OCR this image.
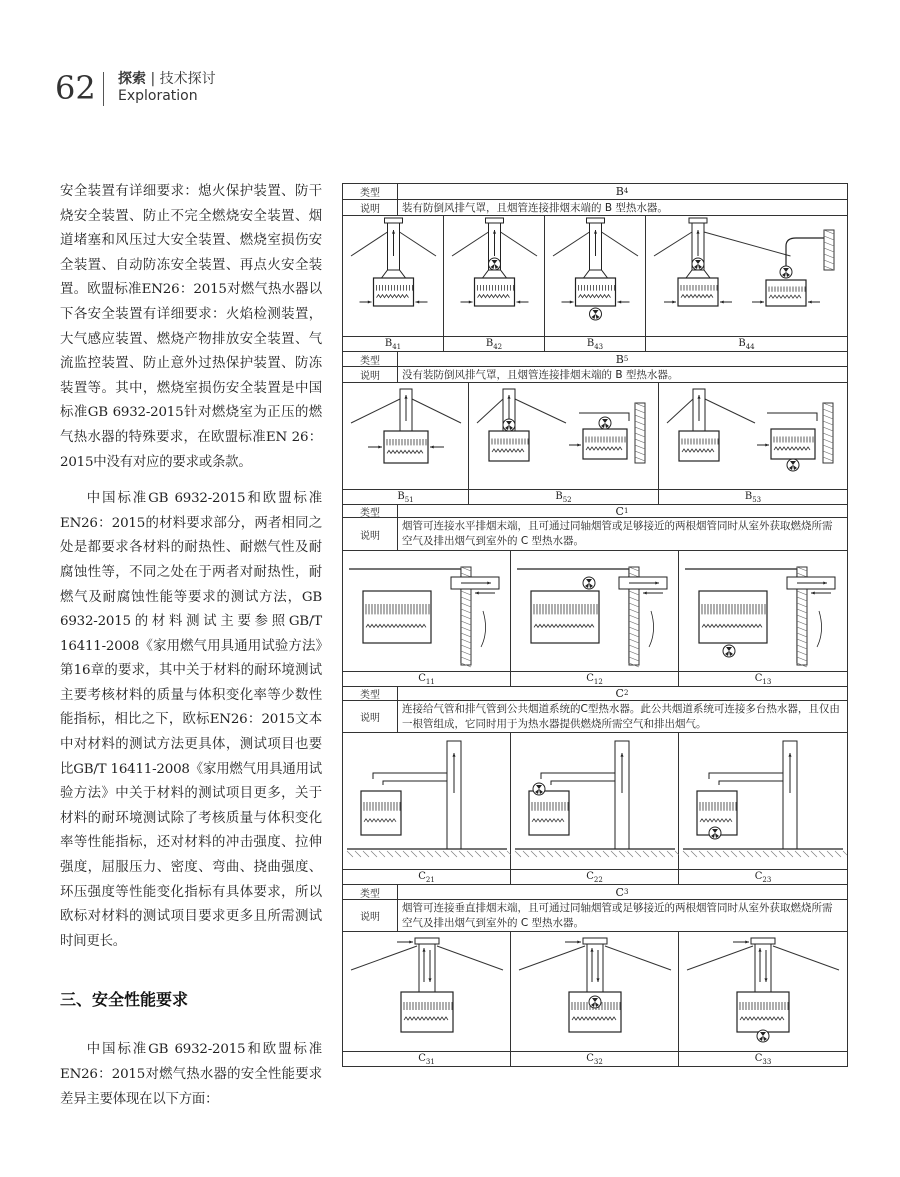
62 探索 | 技术探讨
Exploration

安全装置有详细要求：熄火保护装置、防干烧安全装置、防止不完全燃烧安全装置、烟道堵塞和风压过大安全装置、燃烧室损伤安全装置、自动防冻安全装置、再点火安全装置。欧盟标准EN26：2015对燃气热水器以下各安全装置有详细要求：火焰检测装置，大气感应装置、燃烧产物排放安全装置、气流监控装置、防止意外过热保护装置、防冻装置等。其中，燃烧室损伤安全装置是中国标准GB 6932-2015针对燃烧室为正压的燃气热水器的特殊要求，在欧盟标准EN 26：2015中没有对应的要求或条款。

中国标准GB 6932-2015和欧盟标准EN26：2015的材料要求部分，两者相同之处是都要求各材料的耐热性、耐燃气性及耐腐蚀性等，不同之处在于两者对耐热性，耐燃气及耐腐蚀性能等要求的测试方法，GB 6932-2015的材料测试主要参照GB/T 16411-2008《家用燃气用具通用试验方法》第16章的要求，其中关于材料的耐环境测试主要考核材料的质量与体积变化率等少数性能指标，相比之下，欧标EN26：2015文本中对材料的测试方法更具体，测试项目也要比GB/T 16411-2008《家用燃气用具通用试验方法》中关于材料的测试项目更多，关于材料的耐环境测试除了考核质量与体积变化率等性能指标，还对材料的冲击强度、拉伸强度，屈服压力、密度、弯曲、挠曲强度、环压强度等性能变化指标有具体要求，所以欧标对材料的测试项目要求更多且所需测试时间更长。

三、安全性能要求

中国标准GB 6932-2015和欧盟标准EN26：2015对燃气热水器的安全性能要求差异主要体现在以下方面：

类型	B 4
说明	装有防倒风排气罩，且烟管连接排烟末端的 B 型热水器。
$B_{41}$	$B_{42}$	$B_{43}$	$B_{44}$
类型	B 5
说明	没有装防倒风排气罩，且烟管连接排烟末端的 B 型热水器。
$B_{51}$	$B_{52}$	$B_{53}$
类型	C 1
说明
烟管可连接水平排烟末端，且可通过同轴烟管或足够接近的两根烟管同时从室外获取燃烧所需空气及排出烟气到室外的 C 型热水器。
$C_{11}$	$C_{12}$	$C_{13}$
类型	C 2
说明
连接给气管和排气管到公共烟道系统的C型热水器。此公共烟道系统可连接多台热水器，且仅由一根管组成，它同时用于为热水器提供燃烧所需空气和排出烟气。
$C_{21}$	$C_{22}$	$C_{23}$
类型	C 3
说明
烟管可连接垂直排烟末端，且可通过同轴烟管或足够接近的两根烟管同时从室外获取燃烧所需空气及排出烟气到室外的 C 型热水器。
$C_{31}$	$C_{32}$	$C_{33}$
